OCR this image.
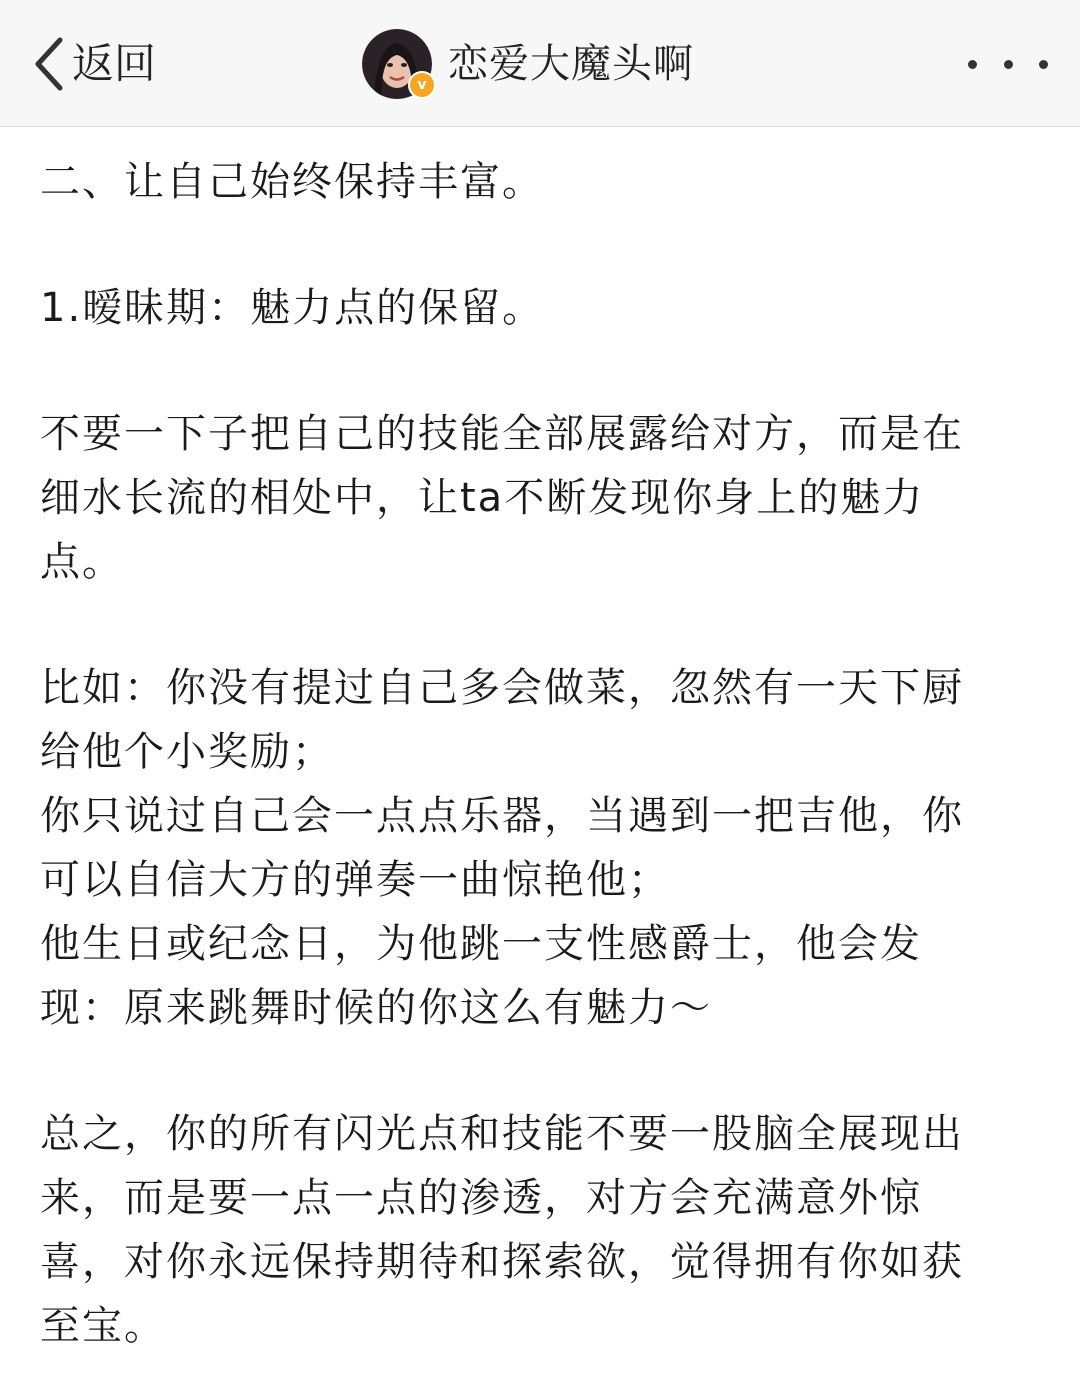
返回	v 恋爱大魔头啊

二、让自己始终保持丰富。

1.暧昧期：魅力点的保留。

不要一下子把自己的技能全部展露给对方，而是在
细水长流的相处中，让ta不断发现你身上的魅力
点。

比如：你没有提过自己多会做菜，忽然有一天下厨
给他个小奖励；
你只说过自己会一点点乐器，当遇到一把吉他，你
可以自信大方的弹奏一曲惊艳他；
他生日或纪念日，为他跳一支性感爵士，他会发
现：原来跳舞时候的你这么有魅力～

总之，你的所有闪光点和技能不要一股脑全展现出
来，而是要一点一点的渗透，对方会充满意外惊
喜，对你永远保持期待和探索欲，觉得拥有你如获
至宝。
